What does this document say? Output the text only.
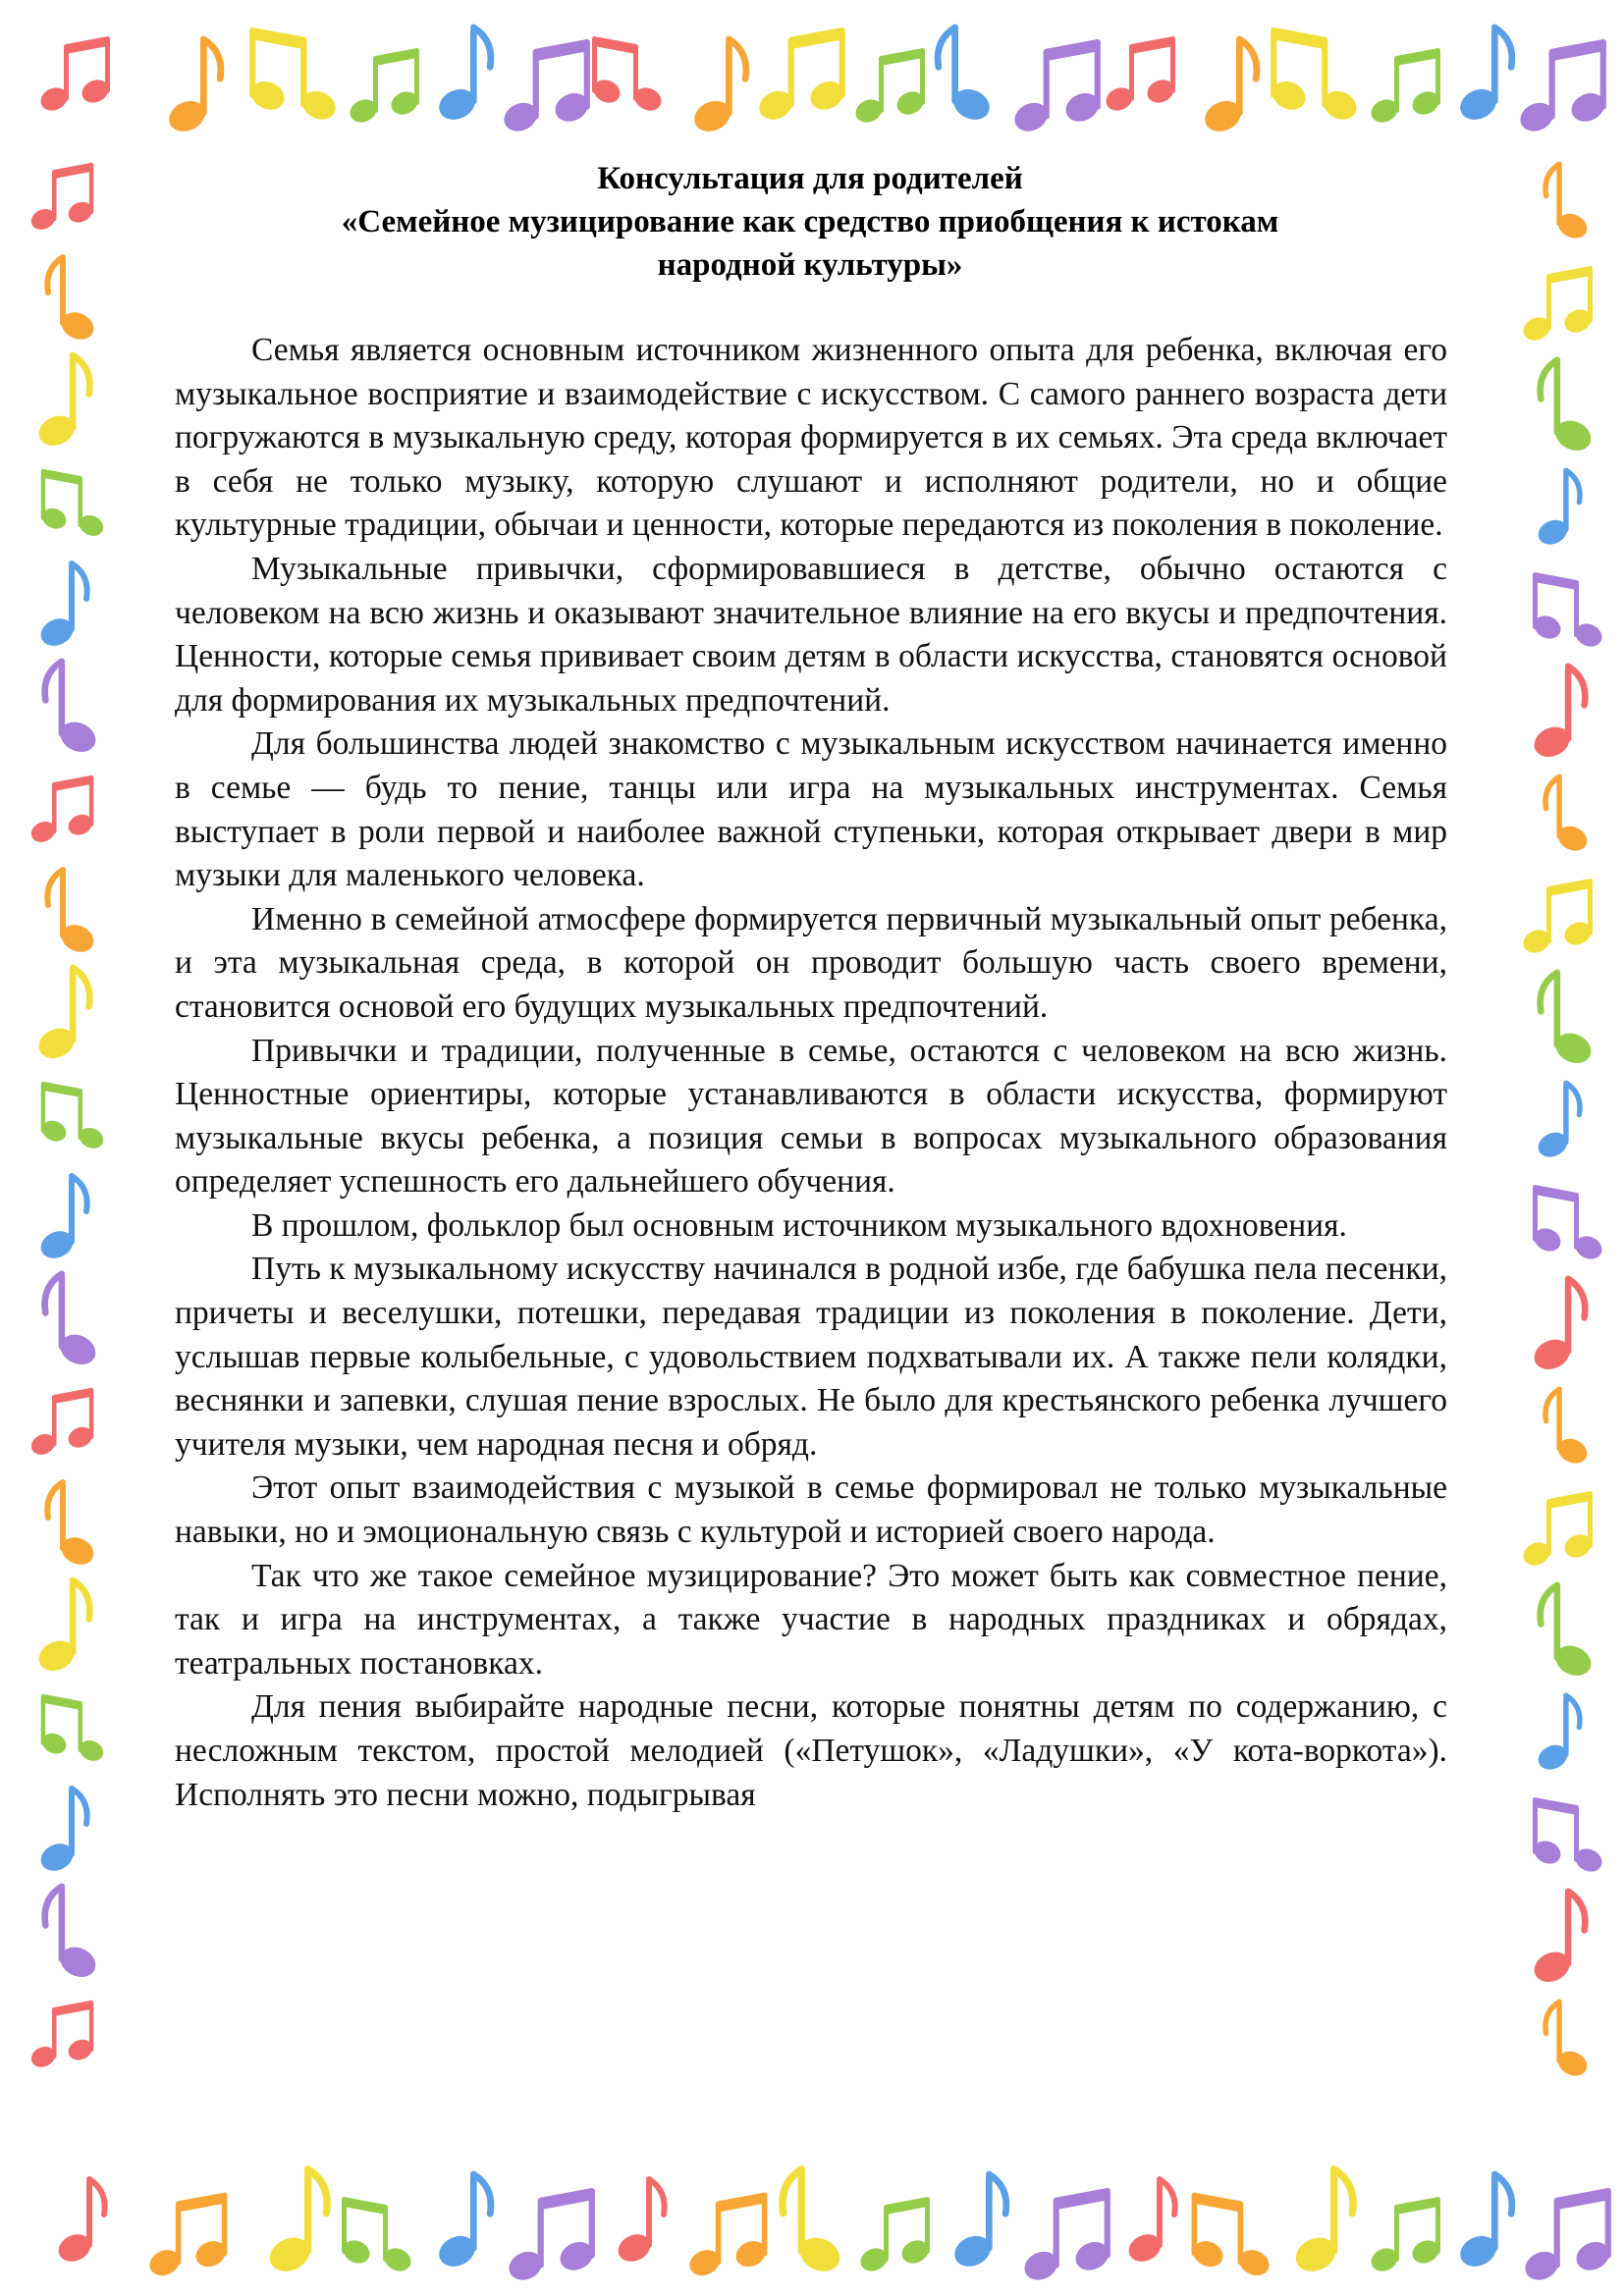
Консультация для родителей
«Семейное музицирование как средство приобщения к истокам
народной культуры»

Семья является основным источником жизненного опыта для ребенка, включая его музыкальное восприятие и взаимодействие с искусством. С самого раннего возраста дети погружаются в музыкальную среду, которая формируется в их семьях. Эта среда включает в себя не только музыку, которую слушают и исполняют родители, но и общие культурные традиции, обычаи и ценности, которые передаются из поколения в поколение.

Музыкальные привычки, сформировавшиеся в детстве, обычно остаются с человеком на всю жизнь и оказывают значительное влияние на его вкусы и предпочтения. Ценности, которые семья прививает своим детям в области искусства, становятся основой для формирования их музыкальных предпочтений.

Для большинства людей знакомство с музыкальным искусством начинается именно в семье — будь то пение, танцы или игра на музыкальных инструментах. Семья выступает в роли первой и наиболее важной ступеньки, которая открывает двери в мир музыки для маленького человека.

Именно в семейной атмосфере формируется первичный музыкальный опыт ребенка, и эта музыкальная среда, в которой он проводит большую часть своего времени, становится основой его будущих музыкальных предпочтений.

Привычки и традиции, полученные в семье, остаются с человеком на всю жизнь. Ценностные ориентиры, которые устанавливаются в области искусства, формируют музыкальные вкусы ребенка, а позиция семьи в вопросах музыкального образования определяет успешность его дальнейшего обучения.

В прошлом, фольклор был основным источником музыкального вдохновения.

Путь к музыкальному искусству начинался в родной избе, где бабушка пела песенки, причеты и веселушки, потешки, передавая традиции из поколения в поколение. Дети, услышав первые колыбельные, с удовольствием подхватывали их. А также пели колядки, веснянки и запевки, слушая пение взрослых. Не было для крестьянского ребенка лучшего учителя музыки, чем народная песня и обряд.

Этот опыт взаимодействия с музыкой в семье формировал не только музыкальные навыки, но и эмоциональную связь с культурой и историей своего народа.

Так что же такое семейное музицирование? Это может быть как совместное пение, так и игра на инструментах, а также участие в народных праздниках и обрядах, театральных постановках.

Для пения выбирайте народные песни, которые понятны детям по содержанию, с несложным текстом, простой мелодией («Петушок», «Ладушки», «У кота-воркота»). Исполнять это песни можно, подыгрывая
